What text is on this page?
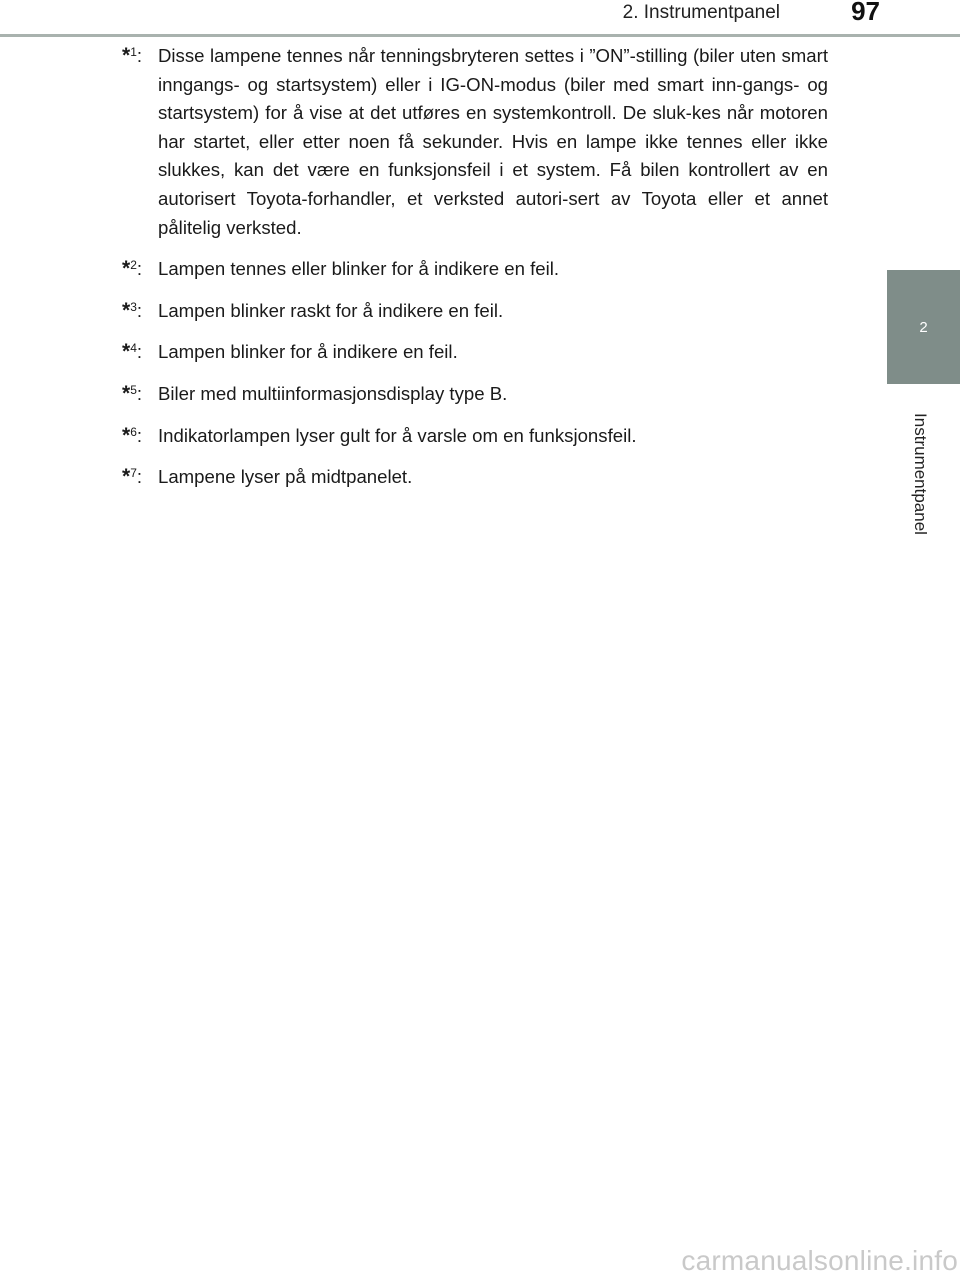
2. Instrumentpanel	97
2
Instrumentpanel
*$^1$: Disse lampene tennes når tenningsbryteren settes i ”ON”-stilling (biler uten smart inngangs- og startsystem) eller i IG-ON-modus (biler med smart inn-gangs- og startsystem) for å vise at det utføres en systemkontroll. De sluk-kes når motoren har startet, eller etter noen få sekunder. Hvis en lampe ikke tennes eller ikke slukkes, kan det være en funksjonsfeil i et system. Få bilen kontrollert av en autorisert Toyota-forhandler, et verksted autori-sert av Toyota eller et annet pålitelig verksted.
*$^2$: Lampen tennes eller blinker for å indikere en feil.
*$^3$: Lampen blinker raskt for å indikere en feil.
*$^4$: Lampen blinker for å indikere en feil.
*$^5$: Biler med multiinformasjonsdisplay type B.
*$^6$: Indikatorlampen lyser gult for å varsle om en funksjonsfeil.
*$^7$: Lampene lyser på midtpanelet.
carmanualsonline.info
